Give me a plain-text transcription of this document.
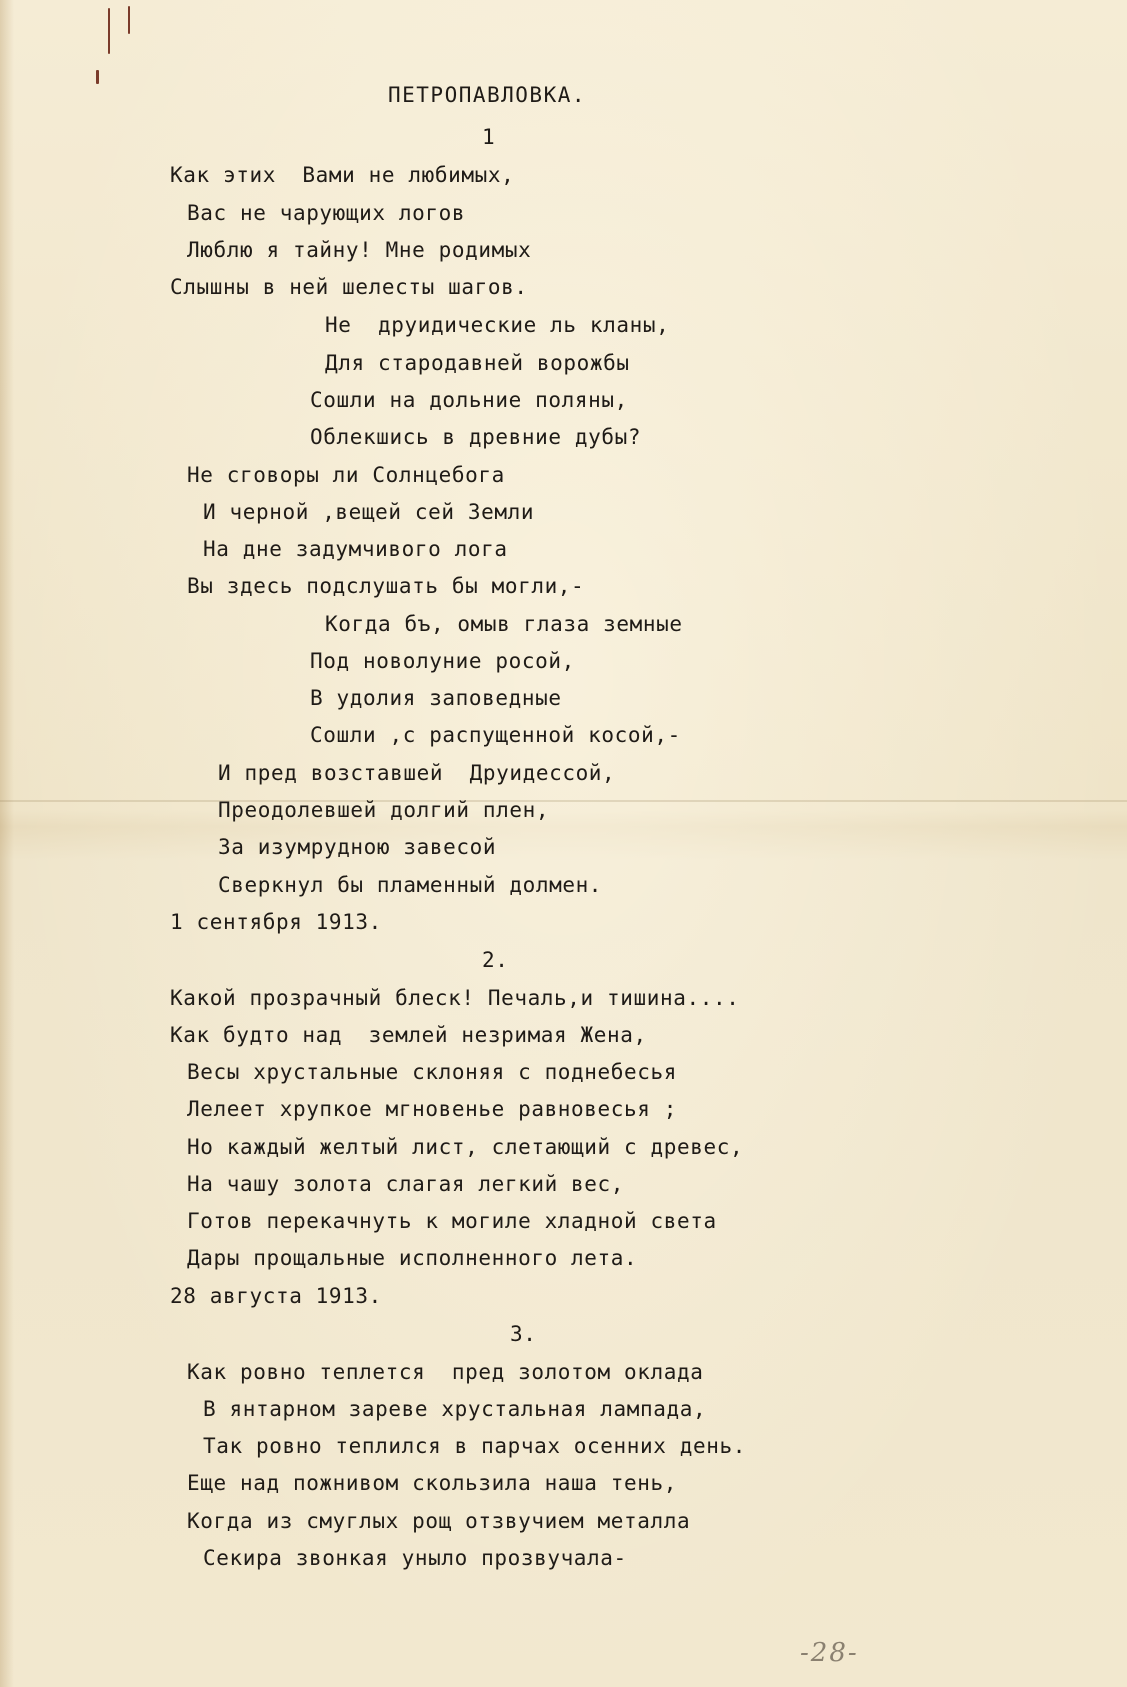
ПЕТРОПАВЛОВКА.

1

Как этих  Вами не любимых,

Вас не чарующих логов

Люблю я тайну! Мне родимых

Слышны в ней шелесты шагов.

Не  друидические ль кланы,

Для стародавней ворожбы

Сошли на дольние поляны,

Облекшись в древние дубы?

Не сговоры ли Солнцебога

И черной ,вещей сей Земли

На дне задумчивого лога

Вы здесь подслушать бы могли,-

Когда бъ, омыв глаза земные

Под новолуние росой,

В удолия заповедные

Сошли ,с распущенной косой,-

И пред возставшей  Друидессой,

Преодолевшей долгий плен,

За изумрудною завесой

Сверкнул бы пламенный долмен.

1 сентября 1913.

2.

Какой прозрачный блеск! Печаль,и тишина....

Как будто над  землей незримая Жена,

Весы хрустальные склоняя с поднебесья

Лелеет хрупкое мгновенье равновесья ;

Но каждый желтый лист, слетающий с древес,

На чашу золота слагая легкий вес,

Готов перекачнуть к могиле хладной света

Дары прощальные исполненного лета.

28 августа 1913.

3.

Как ровно теплется  пред золотом оклада

В янтарном зареве хрустальная лампада,

Так ровно теплился в парчах осенних день.

Еще над пожнивом скользила наша тень,

Когда из смуглых рощ отзвучием металла

Секира звонкая уныло прозвучала-

-28-
